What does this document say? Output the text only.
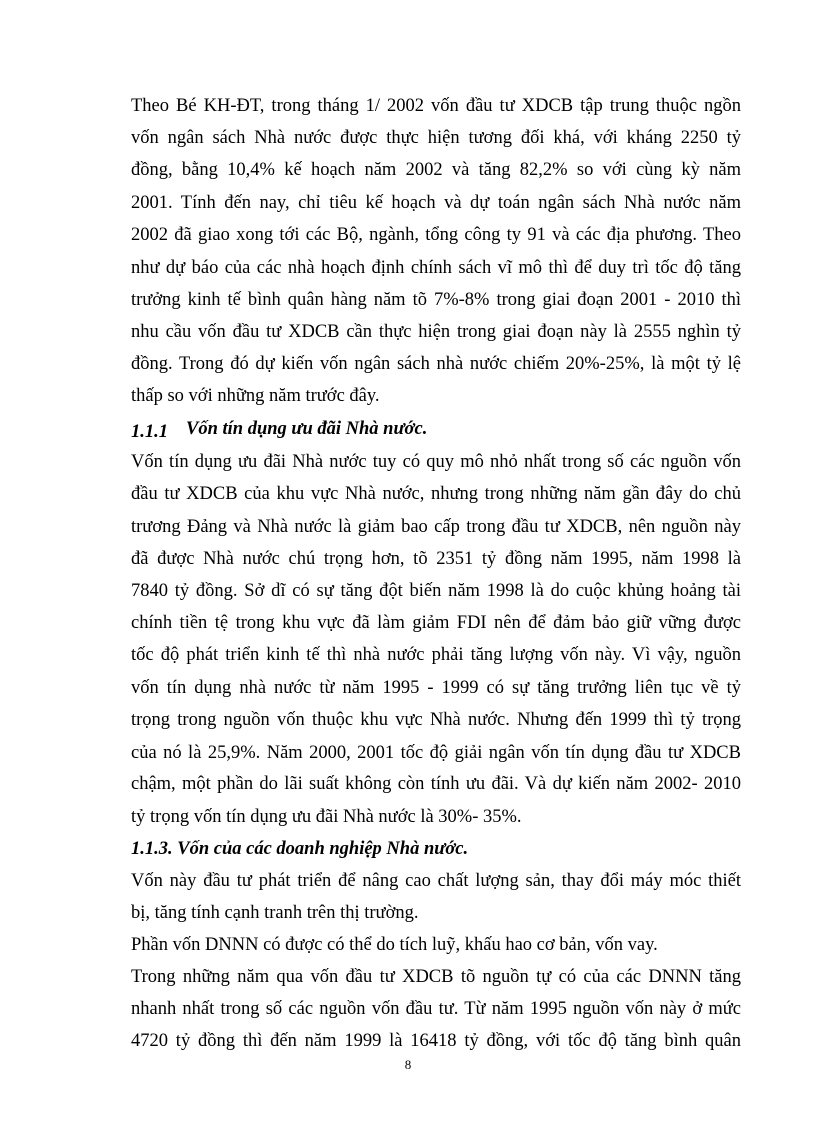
Theo Bé KH-ĐT, trong tháng 1/ 2002 vốn đầu tư XDCB tập trung thuộc ngồn
vốn ngân sách Nhà nước được thực hiện tương đối khá, với kháng 2250 tỷ
đồng, bằng 10,4% kế hoạch năm 2002 và tăng 82,2% so với cùng kỳ năm
2001. Tính đến nay, chỉ tiêu kế hoạch và dự toán ngân sách Nhà nước năm
2002 đã giao xong tới các Bộ, ngành, tổng công ty 91 và các địa phương. Theo
như dự báo của các nhà hoạch định chính sách vĩ mô thì để duy trì tốc độ tăng
trưởng kinh tế bình quân hàng năm tõ 7%-8% trong giai đoạn 2001 - 2010 thì
nhu cầu vốn đầu tư XDCB cần thực hiện trong giai đoạn này là 2555 nghìn tỷ
đồng. Trong đó dự kiến vốn ngân sách nhà nước chiếm 20%-25%, là một tỷ lệ
thấp so với những năm trước đây.
1.1.1 Vốn tín dụng ưu đãi Nhà nước.
Vốn tín dụng ưu đãi Nhà nước tuy có quy mô nhỏ nhất trong số các nguồn vốn
đầu tư XDCB của khu vực Nhà nước, nhưng trong những năm gần đây do chủ
trương Đảng và Nhà nước là giảm bao cấp trong đầu tư XDCB, nên nguồn này
đã được Nhà nước chú trọng hơn, tõ 2351 tỷ đồng năm 1995, năm 1998 là
7840 tỷ đồng. Sở dĩ có sự tăng đột biến năm 1998 là do cuộc khủng hoảng tài
chính tiền tệ trong khu vực đã làm giảm FDI nên để đảm bảo giữ vững được
tốc độ phát triển kinh tế thì nhà nước phải tăng lượng vốn này. Vì vậy, nguồn
vốn tín dụng nhà nước từ năm 1995 - 1999 có sự tăng trưởng liên tục về tỷ
trọng trong nguồn vốn thuộc khu vực Nhà nước. Nhưng đến 1999 thì tỷ trọng
của nó là 25,9%. Năm 2000, 2001 tốc độ giải ngân vốn tín dụng đầu tư XDCB
chậm, một phần do lãi suất không còn tính ưu đãi. Và dự kiến năm 2002- 2010
tỷ trọng vốn tín dụng ưu đãi Nhà nước là 30%- 35%.
1.1.3. Vốn của các doanh nghiệp Nhà nước.
Vốn này đầu tư phát triển để nâng cao chất lượng sản, thay đổi máy móc thiết
bị, tăng tính cạnh tranh trên thị trường.
Phần vốn DNNN có được có thể do tích luỹ, khấu hao cơ bản, vốn vay.
Trong những năm qua vốn đầu tư XDCB tõ nguồn tự có của các DNNN tăng
nhanh nhất trong số các nguồn vốn đầu tư. Từ năm 1995 nguồn vốn này ở mức
4720 tỷ đồng thì đến năm 1999 là 16418 tỷ đồng, với tốc độ tăng bình quân
8
